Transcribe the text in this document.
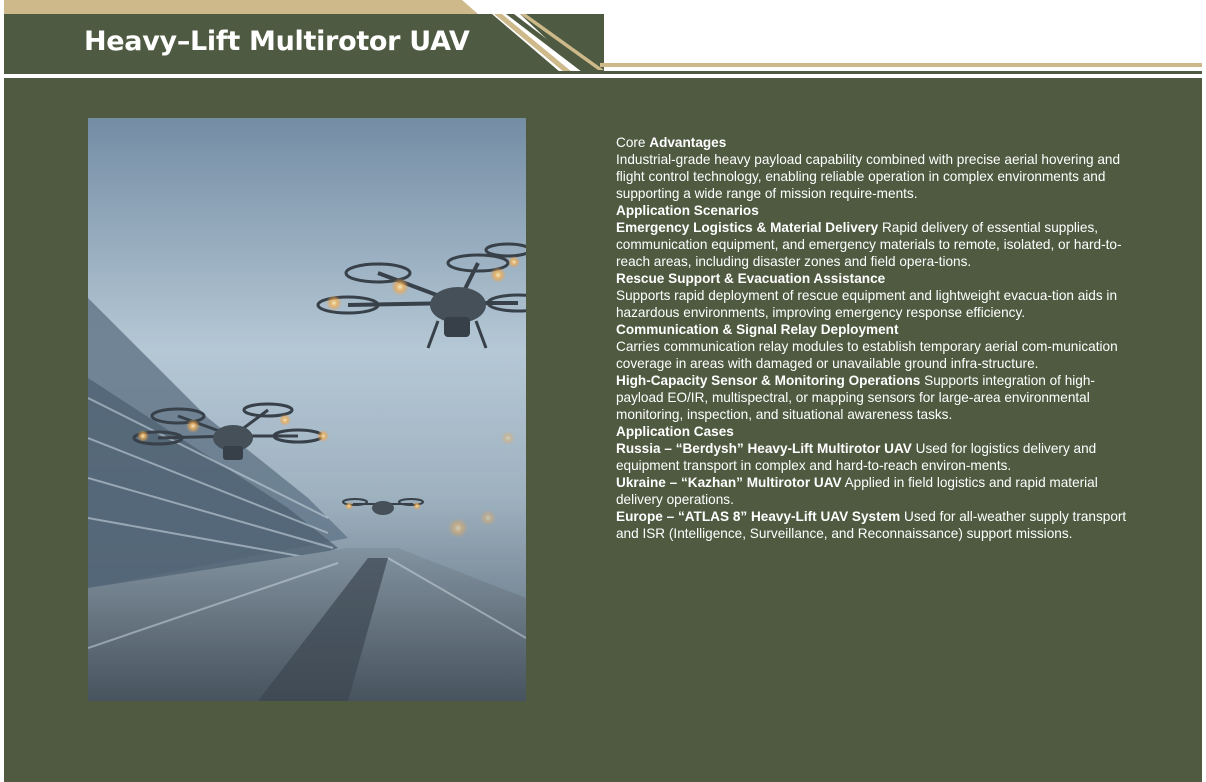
Heavy–Lift Multirotor UAV

Core Advantages

Industrial-grade heavy payload capability combined with precise aerial hovering and flight control technology, enabling reliable operation in complex environments and supporting a wide range of mission require-ments.

Application Scenarios

Emergency Logistics & Material Delivery Rapid delivery of essential supplies, communication equipment, and emergency materials to remote, isolated, or hard-to-reach areas, including disaster zones and field opera-tions.

Rescue Support & Evacuation Assistance

Supports rapid deployment of rescue equipment and lightweight evacua-tion aids in hazardous environments, improving emergency response efficiency.

Communication & Signal Relay Deployment

Carries communication relay modules to establish temporary aerial com-munication coverage in areas with damaged or unavailable ground infra-structure.

High-Capacity Sensor & Monitoring Operations Supports integration of high-payload EO/IR, multispectral, or mapping sensors for large-area environmental monitoring, inspection, and situational awareness tasks.

Application Cases

Russia – “Berdysh” Heavy-Lift Multirotor UAV Used for logistics delivery and equipment transport in complex and hard-to-reach environ-ments.

Ukraine – “Kazhan” Multirotor UAV Applied in field logistics and rapid material delivery operations.

Europe – “ATLAS 8” Heavy-Lift UAV System Used for all-weather supply transport and ISR (Intelligence, Surveillance, and Reconnaissance) support missions.
